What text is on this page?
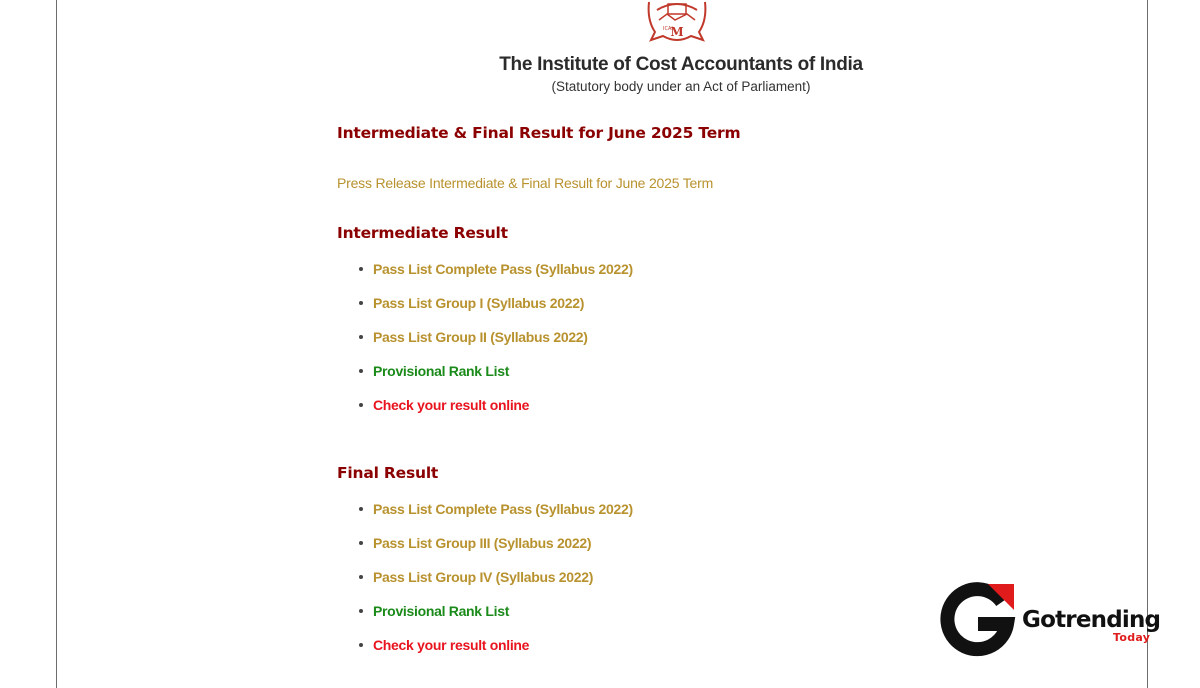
M
ICAI
The Institute of Cost Accountants of India
(Statutory body under an Act of Parliament)
Intermediate & Final Result for June 2025 Term
Press Release Intermediate & Final Result for June 2025 Term
Intermediate Result
Pass List Complete Pass (Syllabus 2022)
Pass List Group I (Syllabus 2022)
Pass List Group II (Syllabus 2022)
Provisional Rank List
Check your result online
Final Result
Pass List Complete Pass (Syllabus 2022)
Pass List Group III (Syllabus 2022)
Pass List Group IV (Syllabus 2022)
Provisional Rank List
Check your result online
Gotrending
Today
